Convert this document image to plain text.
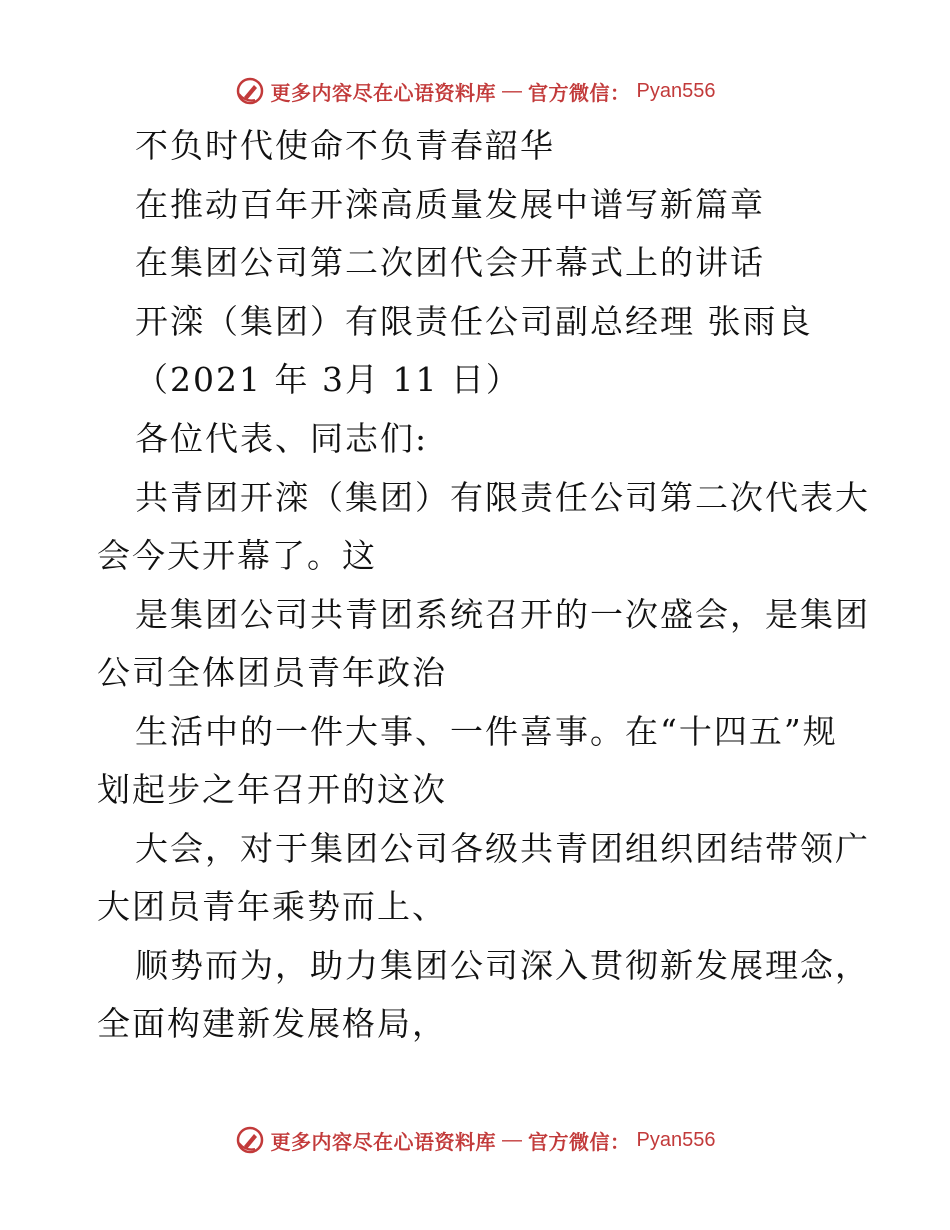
更多内容尽在心语资料库 — 官方微信： Pyan556
不负时代使命不负青春韶华
在推动百年开滦高质量发展中谱写新篇章
在集团公司第二次团代会开幕式上的讲话
开滦（集团）有限责任公司副总经理 张雨良
（2021 年 3月 11 日）
各位代表、同志们:
共青团开滦（集团）有限责任公司第二次代表大
会今天开幕了。这
是集团公司共青团系统召开的一次盛会，是集团
公司全体团员青年政治
生活中的一件大事、一件喜事。在“十四五”规
划起步之年召开的这次
大会，对于集团公司各级共青团组织团结带领广
大团员青年乘势而上、
顺势而为，助力集团公司深入贯彻新发展理念，
全面构建新发展格局，
更多内容尽在心语资料库 — 官方微信： Pyan556
